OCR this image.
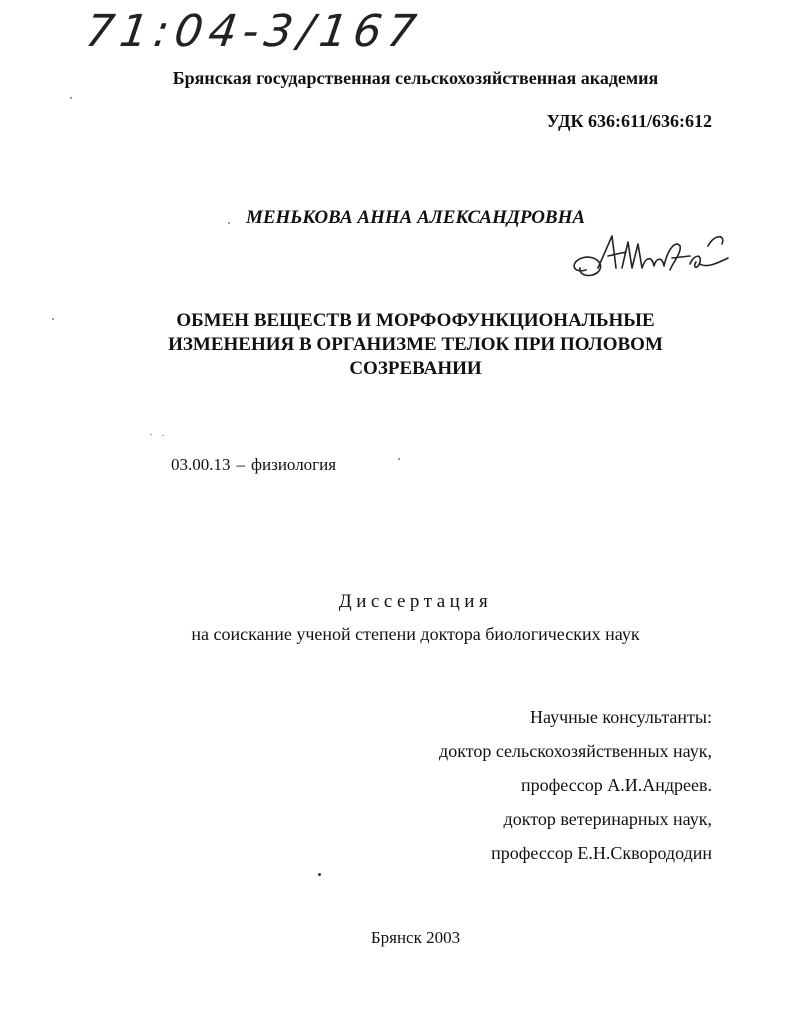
71:04-3/167
Брянская государственная сельскохозяйственная академия
УДК 636:611/636:612
МЕНЬКОВА АННА АЛЕКСАНДРОВНА
ОБМЕН ВЕЩЕСТВ И МОРФОФУНКЦИОНАЛЬНЫЕ
ИЗМЕНЕНИЯ В ОРГАНИЗМЕ ТЕЛОК ПРИ ПОЛОВОМ
СОЗРЕВАНИИ
03.00.13 – физиология
Диссертация
на соискание ученой степени доктора биологических наук
Научные консультанты:
доктор сельскохозяйственных наук,
профессор А.И.Андреев.
доктор ветеринарных наук,
профессор Е.Н.Скворододин
Брянск 2003
